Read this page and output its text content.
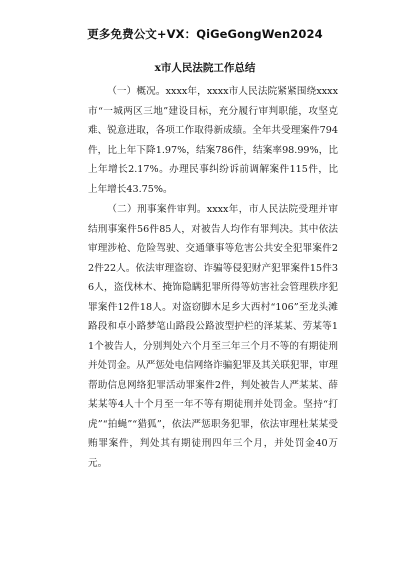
更多免费公文+VX：QiGeGongWen2024
x市人民法院工作总结

（一）概况。xxxx年，xxxx市人民法院紧紧围绕xxxx市“一城两区三地”建设目标，充分履行审判职能，攻坚克难、锐意进取，各项工作取得新成绩。全年共受理案件794件，比上年下降1.97%，结案786件，结案率98.99%，比上年增长2.17%。办理民事纠纷诉前调解案件115件，比上年增长43.75%。

（二）刑事案件审判。xxxx年，市人民法院受理并审结刑事案件56件85人，对被告人均作有罪判决。其中依法审理涉枪、危险驾驶、交通肇事等危害公共安全犯罪案件22件22人。依法审理盗窃、诈骗等侵犯财产犯罪案件15件36人，盗伐林木、掩饰隐瞒犯罪所得等妨害社会管理秩序犯罪案件12件18人。对盗窃脚木足乡大西村“106”至龙头滩路段和卓小路梦笔山路段公路波型护栏的泽某某、劳某等11个被告人，分别判处六个月至三年三个月不等的有期徒刑并处罚金。从严惩处电信网络诈骗犯罪及其关联犯罪，审理帮助信息网络犯罪活动罪案件2件，判处被告人严某某、薛某某等4人十个月至一年不等有期徒刑并处罚金。坚持“打虎”“拍蝇”“猎狐”，依法严惩职务犯罪，依法审理杜某某受贿罪案件，判处其有期徒刑四年三个月，并处罚金40万元。
